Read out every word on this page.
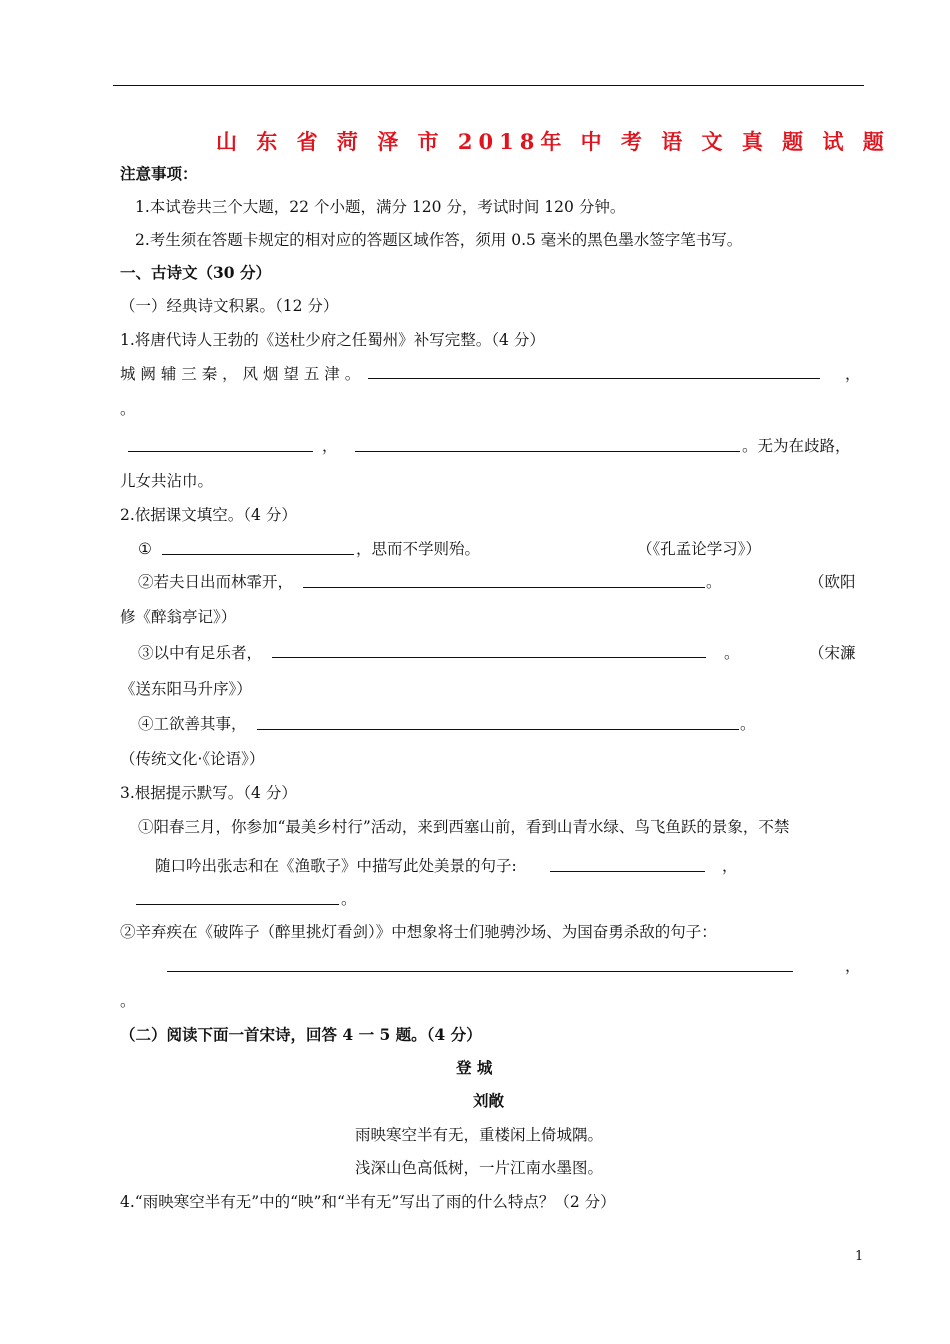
山 东 省 菏 泽 市 2018年 中 考 语 文 真 题 试 题
注意事项：
1.本试卷共三个大题，22 个小题，满分 120 分，考试时间 120 分钟。
2.考生须在答题卡规定的相对应的答题区域作答，须用 0.5 毫米的黑色墨水签字笔书写。
一、古诗文（30 分）
（一）经典诗文积累。（12 分）
1.将唐代诗人王勃的《送杜少府之任蜀州》补写完整。（4 分）
城 阙 辅 三 秦 ， 风 烟 望 五 津 。	，
。
，	。无为在歧路，
儿女共沾巾。
2.依据课文填空。（4 分）
①	，思而不学则殆。	（《孔孟论学习》）
②若夫日出而林霏开，	。	（欧阳
修《醉翁亭记》）
③以中有足乐者，	。	（宋濂
《送东阳马升序》）
④工欲善其事，	。
（传统文化·《论语》）
3.根据提示默写。（4 分）
①阳春三月，你参加“最美乡村行”活动，来到西塞山前，看到山青水绿、鸟飞鱼跃的景象，不禁
随口吟出张志和在《渔歌子》中描写此处美景的句子:	，
。
②辛弃疾在《破阵子（醉里挑灯看剑）》中想象将士们驰骋沙场、为国奋勇杀敌的句子：
，
。
（二）阅读下面一首宋诗，回答 4 一 5 题。（4 分）
登 城
刘敞
雨映寒空半有无，重楼闲上倚城隅。
浅深山色高低树，一片江南水墨图。
4.“雨映寒空半有无”中的“映”和“半有无”写出了雨的什么特点？（2 分）
1
